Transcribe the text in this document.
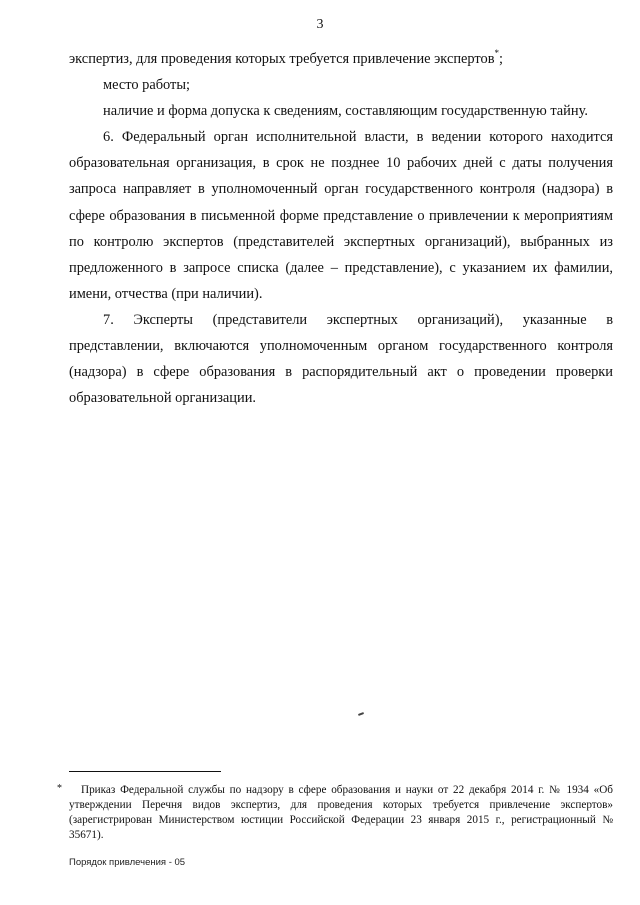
3

экспертиз, для проведения которых требуется привлечение экспертов*;

место работы;

наличие и форма допуска к сведениям, составляющим государственную тайну.

6. Федеральный орган исполнительной власти, в ведении которого находится образовательная организация, в срок не позднее 10 рабочих дней с даты получения запроса направляет в уполномоченный орган государственного контроля (надзора) в сфере образования в письменной форме представление о привлечении к мероприятиям по контролю экспертов (представителей экспертных организаций), выбранных из предложенного в запросе списка (далее – представление), с указанием их фамилии, имени, отчества (при наличии).

7. Эксперты (представители экспертных организаций), указанные в представлении, включаются уполномоченным органом государственного контроля (надзора) в сфере образования в распорядительный акт о проведении проверки образовательной организации.

* Приказ Федеральной службы по надзору в сфере образования и науки от 22 декабря 2014 г. № 1934 «Об утверждении Перечня видов экспертиз, для проведения которых требуется привлечение экспертов» (зарегистрирован Министерством юстиции Российской Федерации 23 января 2015 г., регистрационный № 35671).
Порядок привлечения - 05
